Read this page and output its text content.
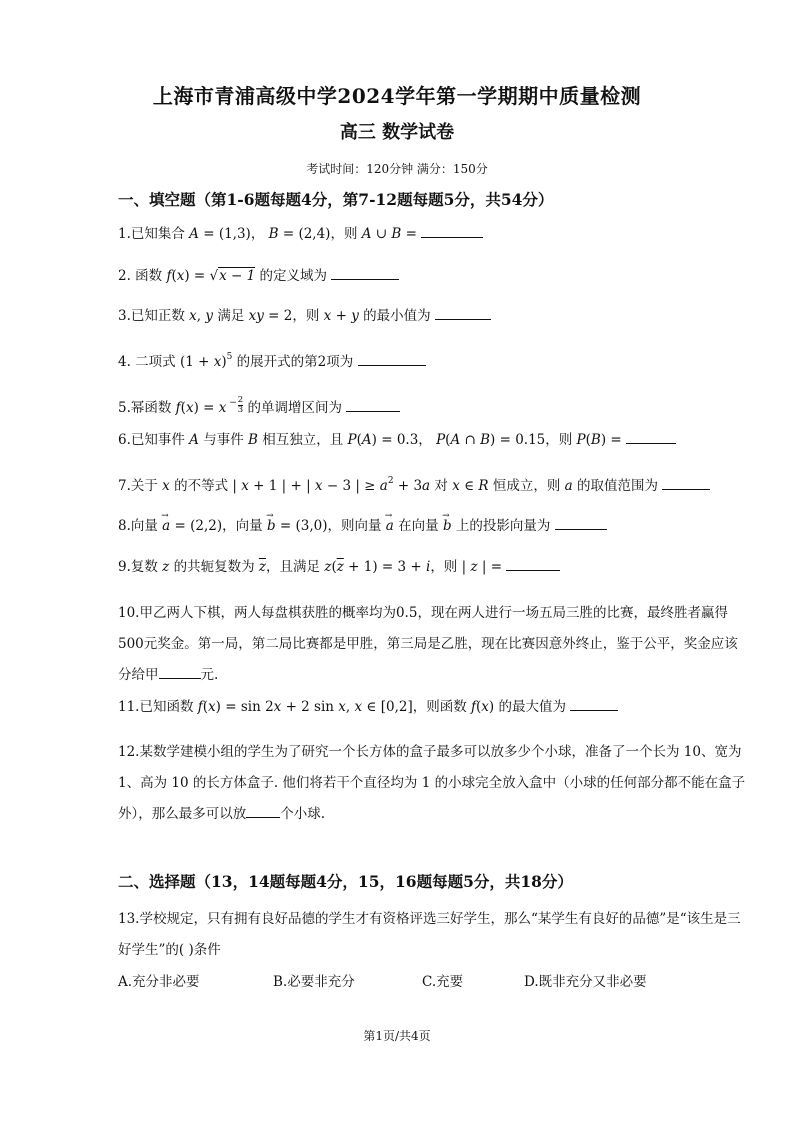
上海市青浦高级中学2024学年第一学期期中质量检测
高三 数学试卷
考试时间：120分钟 满分：150分
一、填空题（第1-6题每题4分，第7-12题每题5分，共54分）
1.已知集合 A = (1,3)， B = (2,4)，则 A ∪ B =
2. 函数 f(x) = √x − 1 的定义域为
3.已知正数 x, y 满足 xy = 2，则 x + y 的最小值为
4. 二项式 $(1 + x)^5$ 的展开式的第2项为
5.幂函数 f(x) = x $^- \frac{2}{3}$ 的单调增区间为
6.已知事件 A 与事件 B 相互独立，且 P(A) = 0.3， P(A ∩ B) = 0.15，则 P(B) =
7.关于 x 的不等式 | x + 1 | + | x − 3 | ≥ $a^2 + 3a$ 对 x ∈ R 恒成立，则 a 的取值范围为
8.向量 → a = (2,2)，向量 → b = (3,0)，则向量 → a 在向量 → b 上的投影向量为
9.复数 z 的共轭复数为 $\overline{z}$，且满足 $z(\overline{z} + 1) = 3 + i$，则 | z | =
10.甲乙两人下棋，两人每盘棋获胜的概率均为0.5，现在两人进行一场五局三胜的比赛，最终胜者赢得500元奖金。第一局，第二局比赛都是甲胜，第三局是乙胜，现在比赛因意外终止，鉴于公平，奖金应该分给甲	元.
11.已知函数 f(x) = sin 2x + 2 sin x, x ∈ [0,2]，则函数 f(x) 的最大值为
12.某数学建模小组的学生为了研究一个长方体的盒子最多可以放多少个小球，准备了一个长为 10、宽为 1、高为 10 的长方体盒子. 他们将若干个直径均为 1 的小球完全放入盒中（小球的任何部分都不能在盒子外），那么最多可以放	个小球.
二、选择题（13，14题每题4分，15，16题每题5分，共18分）
13.学校规定，只有拥有良好品德的学生才有资格评选三好学生，那么“某学生有良好的品德”是“该生是三好学生”的( )条件
A.充分非必要	B.必要非充分	C.充要	D.既非充分又非必要
第1页/共4页
